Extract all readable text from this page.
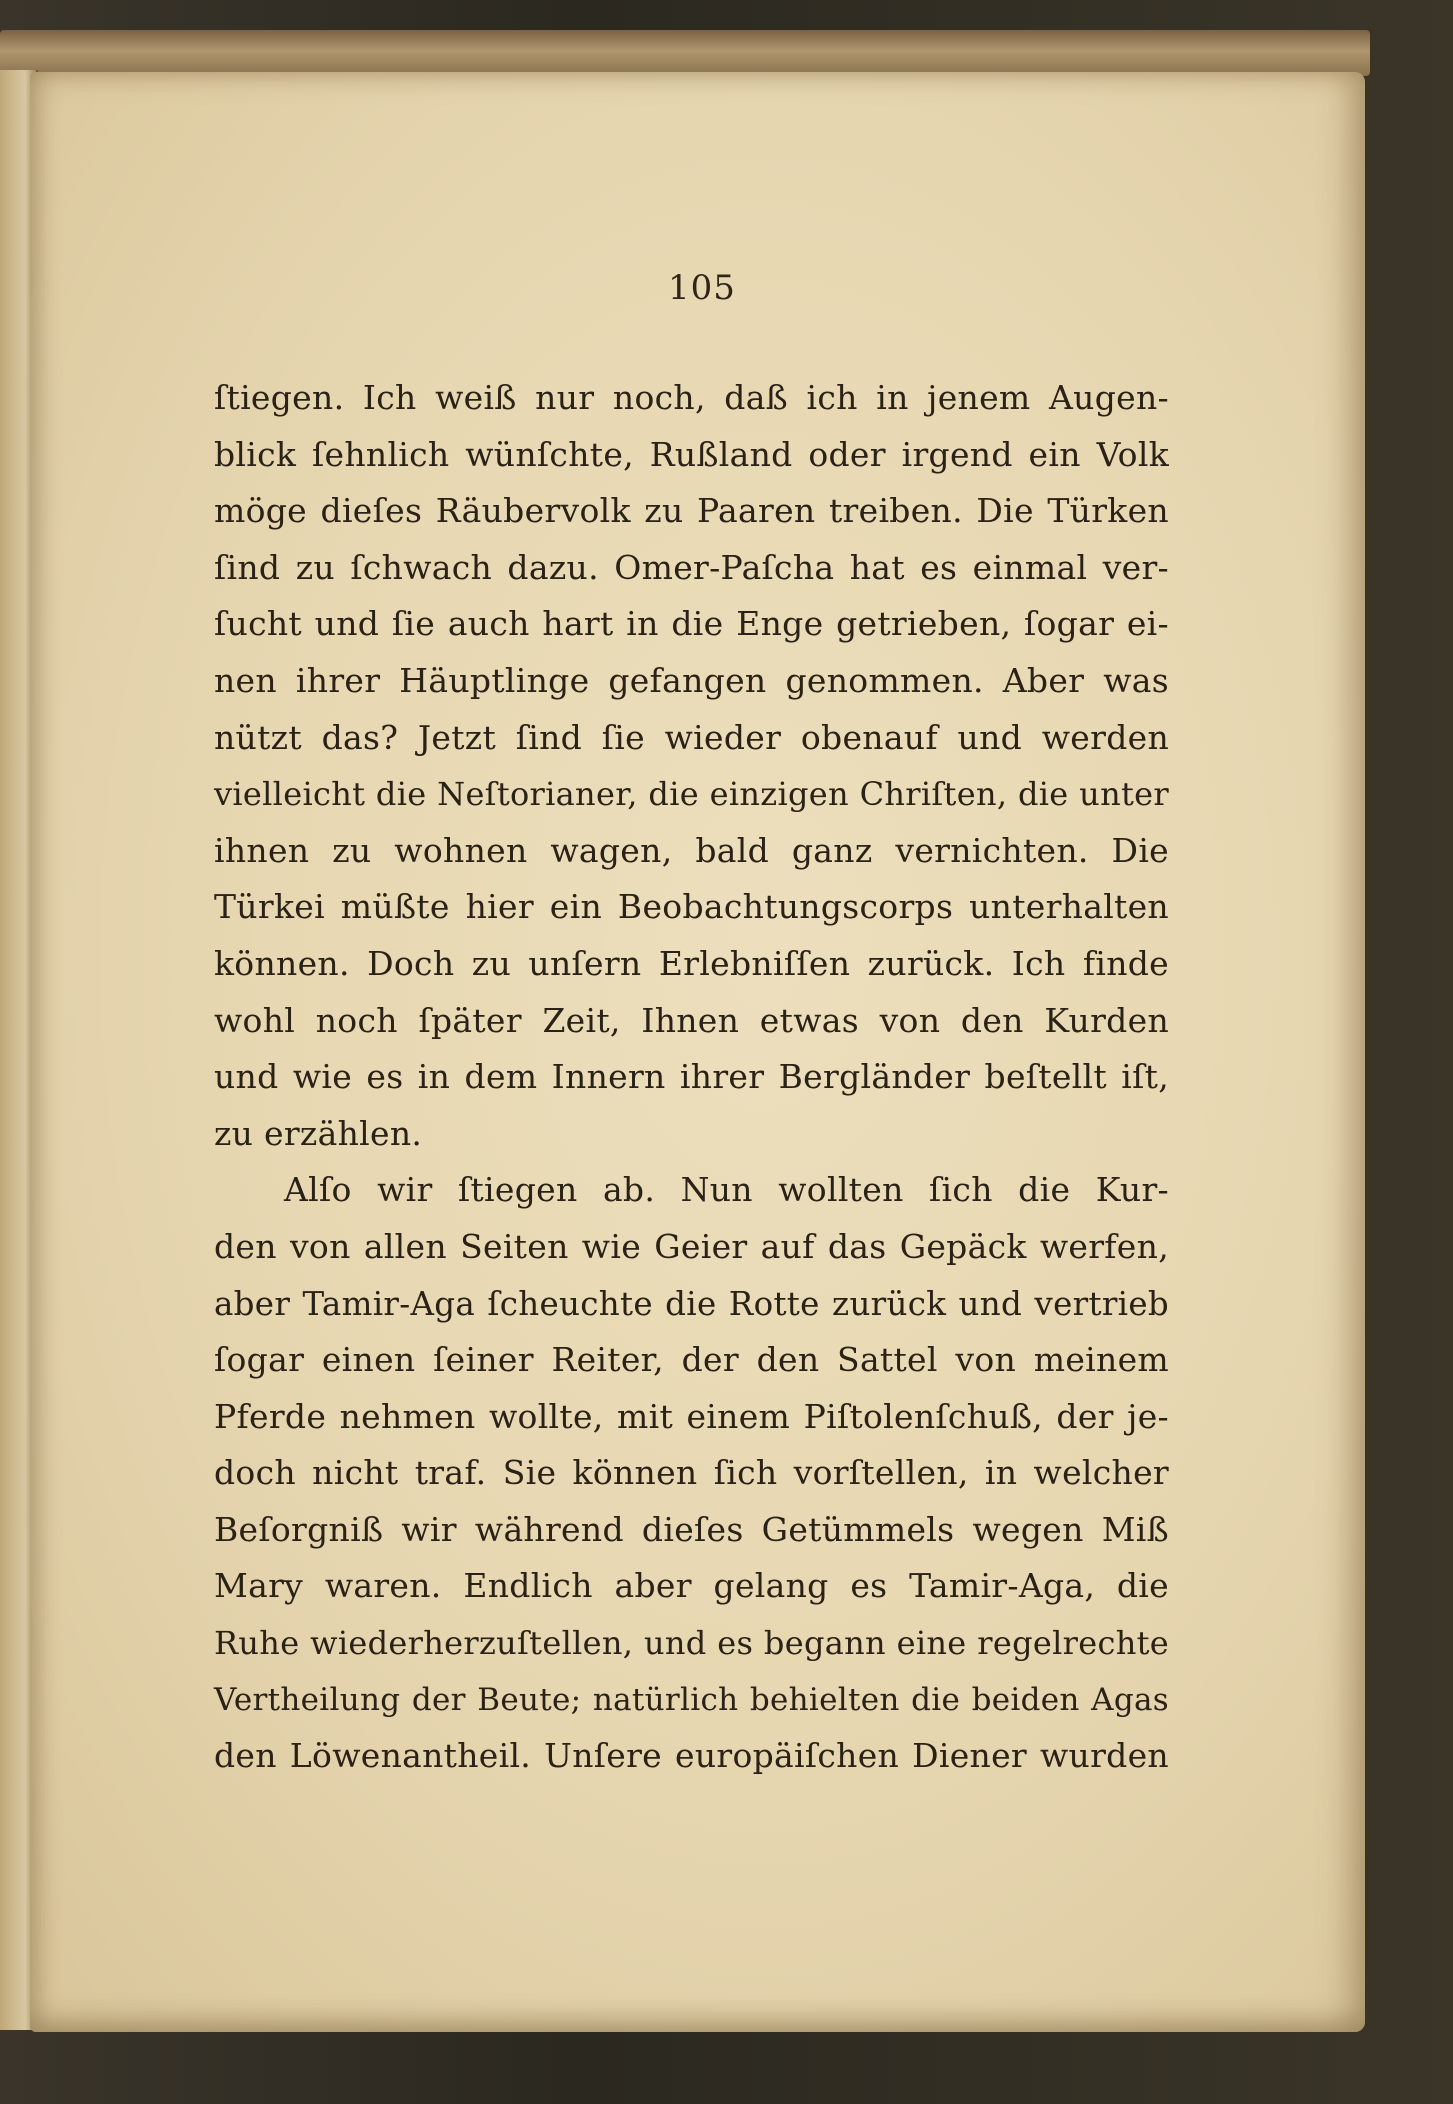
105
ſtiegen. Ich weiß nur noch, daß ich in jenem Augen-
blick ſehnlich wünſchte, Rußland oder irgend ein Volk
möge dieſes Räubervolk zu Paaren treiben. Die Türken
ſind zu ſchwach dazu. Omer-Paſcha hat es einmal ver-
ſucht und ſie auch hart in die Enge getrieben, ſogar ei-
nen ihrer Häuptlinge gefangen genommen. Aber was
nützt das? Jetzt ſind ſie wieder obenauf und werden
vielleicht die Neſtorianer, die einzigen Chriſten, die unter
ihnen zu wohnen wagen, bald ganz vernichten. Die
Türkei müßte hier ein Beobachtungscorps unterhalten
können. Doch zu unſern Erlebniſſen zurück. Ich finde
wohl noch ſpäter Zeit, Ihnen etwas von den Kurden
und wie es in dem Innern ihrer Bergländer beſtellt iſt,
zu erzählen.
Alſo wir ſtiegen ab. Nun wollten ſich die Kur-
den von allen Seiten wie Geier auf das Gepäck werfen,
aber Tamir-Aga ſcheuchte die Rotte zurück und vertrieb
ſogar einen ſeiner Reiter, der den Sattel von meinem
Pferde nehmen wollte, mit einem Piſtolenſchuß, der je-
doch nicht traf. Sie können ſich vorſtellen, in welcher
Beſorgniß wir während dieſes Getümmels wegen Miß
Mary waren. Endlich aber gelang es Tamir-Aga, die
Ruhe wiederherzuſtellen, und es begann eine regelrechte
Vertheilung der Beute; natürlich behielten die beiden Agas
den Löwenantheil. Unſere europäiſchen Diener wurden
